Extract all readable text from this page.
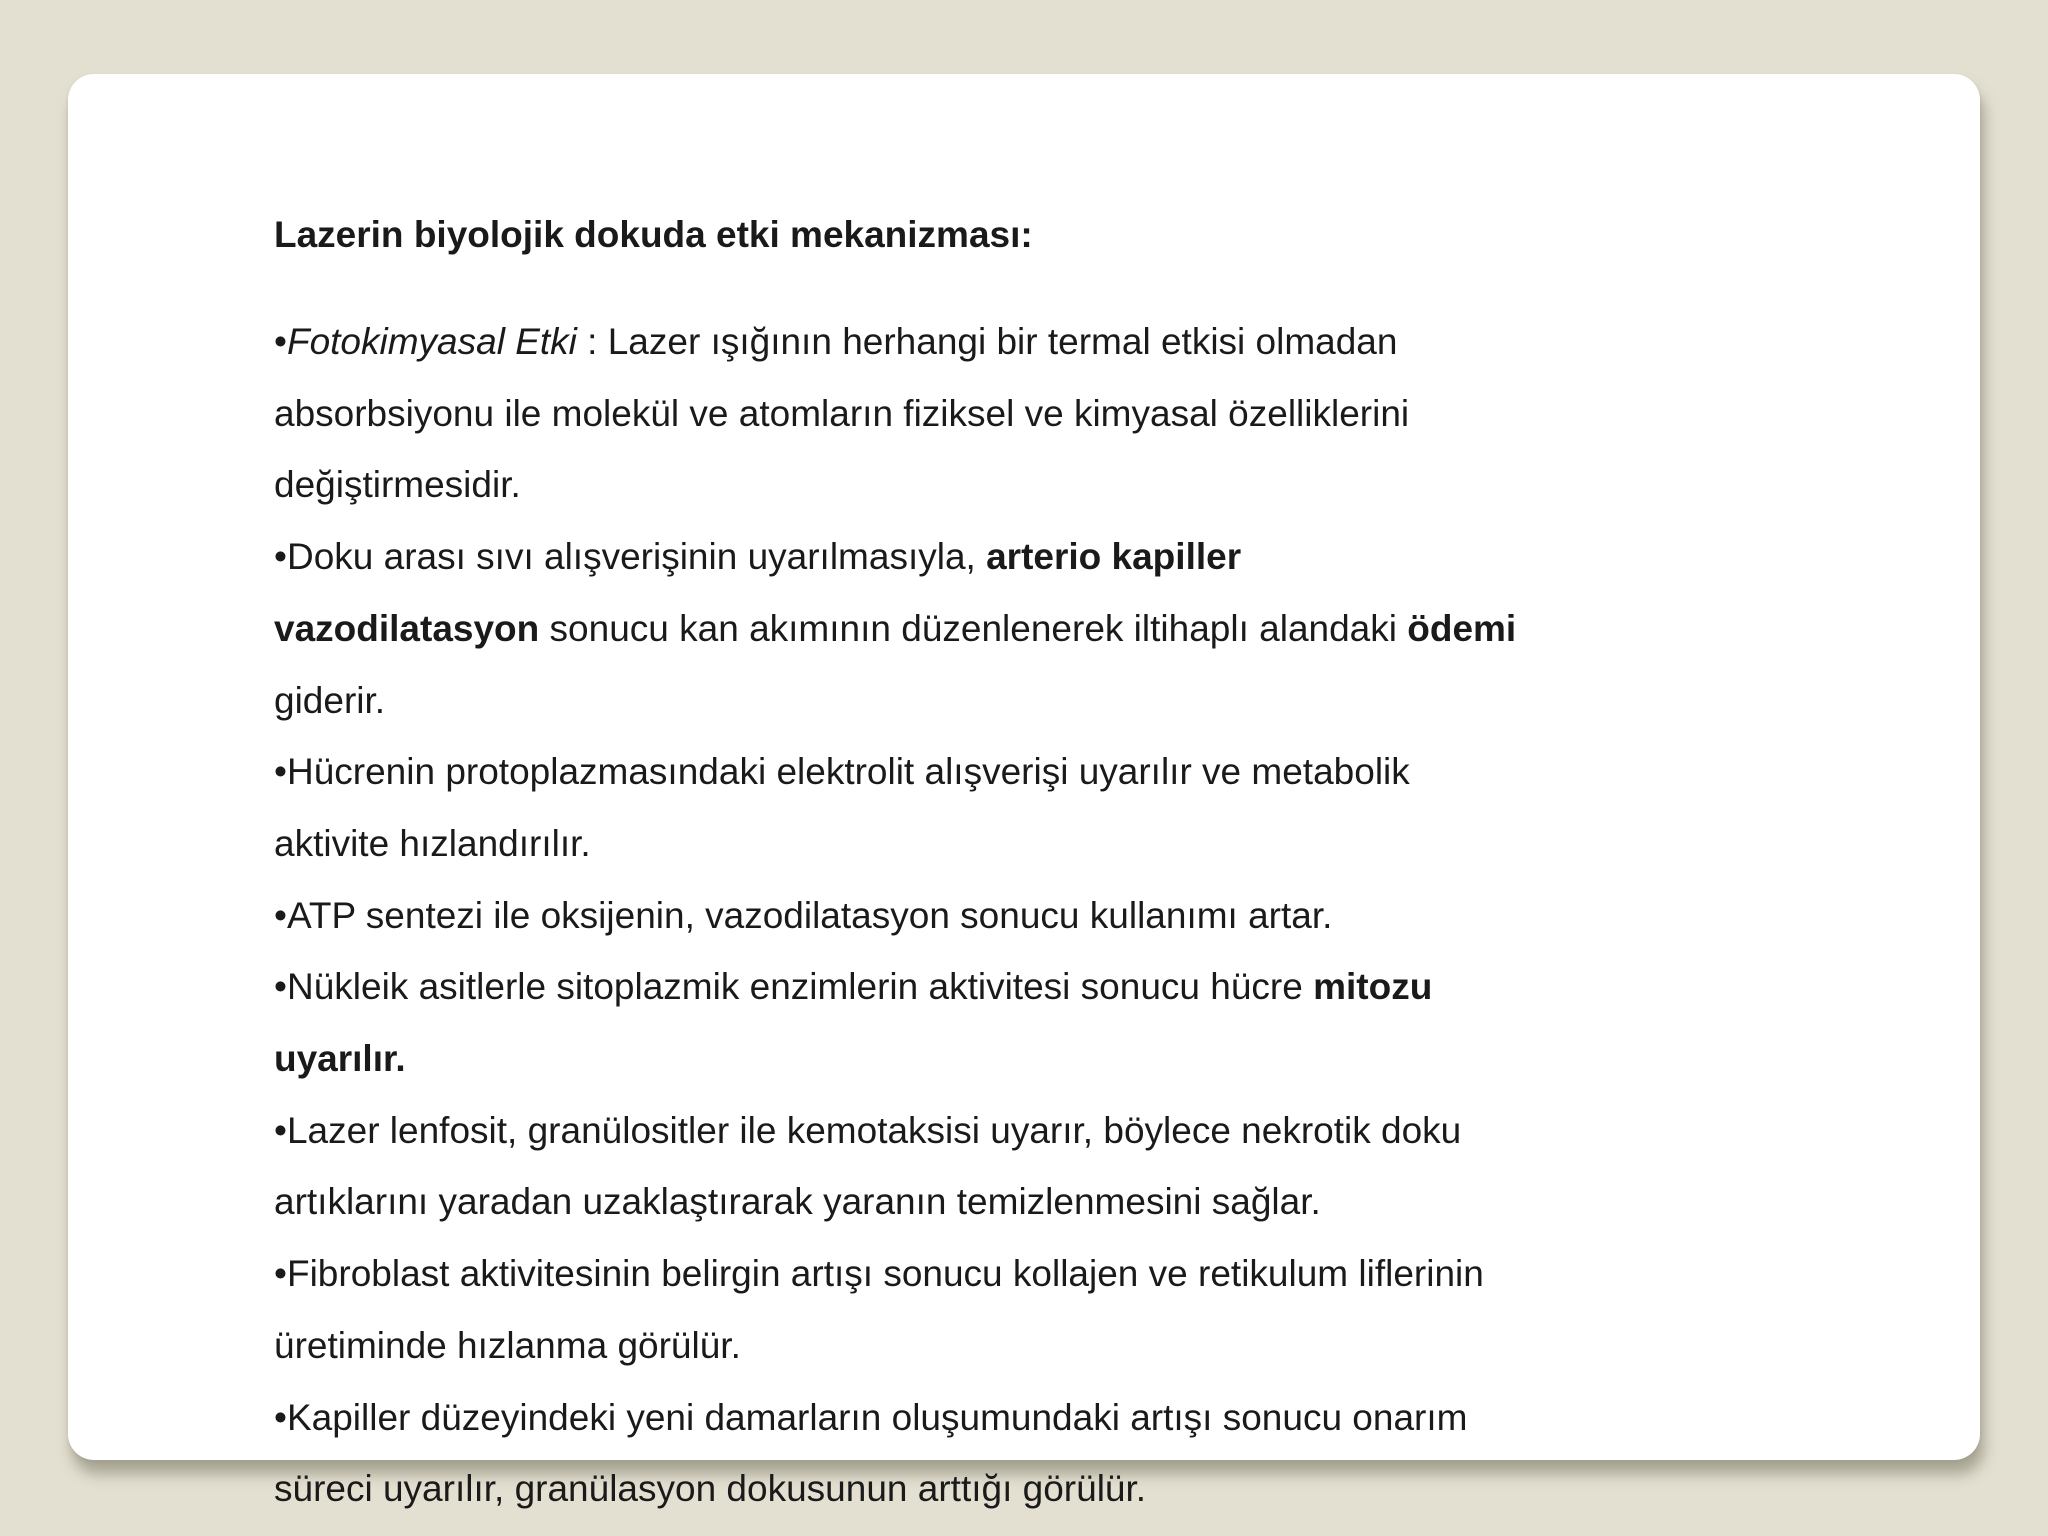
Lazerin biyolojik dokuda etki mekanizması:

•Fotokimyasal Etki : Lazer ışığının herhangi bir termal etkisi olmadan
absorbsiyonu ile molekül ve atomların fiziksel ve kimyasal özelliklerini
değiştirmesidir.

•Doku arası sıvı alışverişinin uyarılmasıyla, arterio kapiller
vazodilatasyon sonucu kan akımının düzenlenerek iltihaplı alandaki ödemi
giderir.

•Hücrenin protoplazmasındaki elektrolit alışverişi uyarılır ve metabolik
aktivite hızlandırılır.

•ATP sentezi ile oksijenin, vazodilatasyon sonucu kullanımı artar.

•Nükleik asitlerle sitoplazmik enzimlerin aktivitesi sonucu hücre mitozu
uyarılır.

•Lazer lenfosit, granülositler ile kemotaksisi uyarır, böylece nekrotik doku
artıklarını yaradan uzaklaştırarak yaranın temizlenmesini sağlar.

•Fibroblast aktivitesinin belirgin artışı sonucu kollajen ve retikulum liflerinin
üretiminde hızlanma görülür.

•Kapiller düzeyindeki yeni damarların oluşumundaki artışı sonucu onarım
süreci uyarılır, granülasyon dokusunun arttığı görülür.
